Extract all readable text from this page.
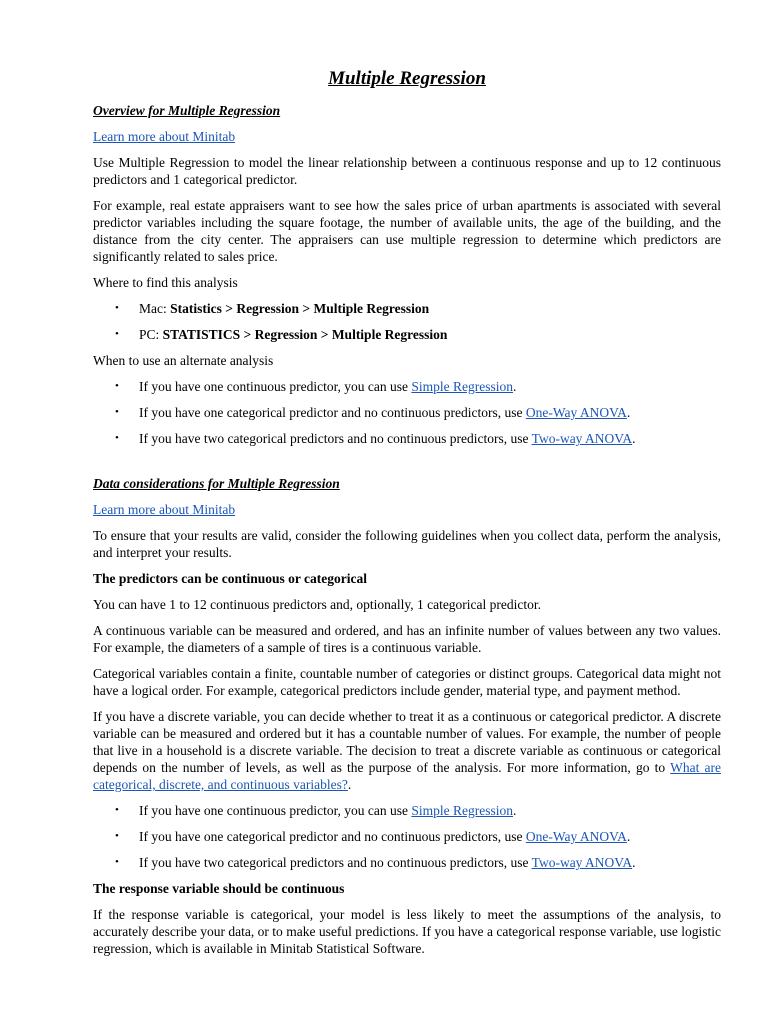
Multiple Regression
Overview for Multiple Regression

Learn more about Minitab

Use Multiple Regression to model the linear relationship between a continuous response and up to 12 continuous predictors and 1 categorical predictor.

For example, real estate appraisers want to see how the sales price of urban apartments is associated with several predictor variables including the square footage, the number of available units, the age of the building, and the distance from the city center. The appraisers can use multiple regression to determine which predictors are significantly related to sales price.

Where to find this analysis

• Mac: Statistics > Regression > Multiple Regression
• PC: STATISTICS > Regression > Multiple Regression

When to use an alternate analysis

• If you have one continuous predictor, you can use Simple Regression.
• If you have one categorical predictor and no continuous predictors, use One-Way ANOVA.
• If you have two categorical predictors and no continuous predictors, use Two-way ANOVA.
Data considerations for Multiple Regression

Learn more about Minitab

To ensure that your results are valid, consider the following guidelines when you collect data, perform the analysis, and interpret your results.

The predictors can be continuous or categorical

You can have 1 to 12 continuous predictors and, optionally, 1 categorical predictor.

A continuous variable can be measured and ordered, and has an infinite number of values between any two values. For example, the diameters of a sample of tires is a continuous variable.

Categorical variables contain a finite, countable number of categories or distinct groups. Categorical data might not have a logical order. For example, categorical predictors include gender, material type, and payment method.

If you have a discrete variable, you can decide whether to treat it as a continuous or categorical predictor. A discrete variable can be measured and ordered but it has a countable number of values. For example, the number of people that live in a household is a discrete variable. The decision to treat a discrete variable as continuous or categorical depends on the number of levels, as well as the purpose of the analysis. For more information, go to What are categorical, discrete, and continuous variables?.

• If you have one continuous predictor, you can use Simple Regression.
• If you have one categorical predictor and no continuous predictors, use One-Way ANOVA.
• If you have two categorical predictors and no continuous predictors, use Two-way ANOVA.

The response variable should be continuous

If the response variable is categorical, your model is less likely to meet the assumptions of the analysis, to accurately describe your data, or to make useful predictions. If you have a categorical response variable, use logistic regression, which is available in Minitab Statistical Software.
